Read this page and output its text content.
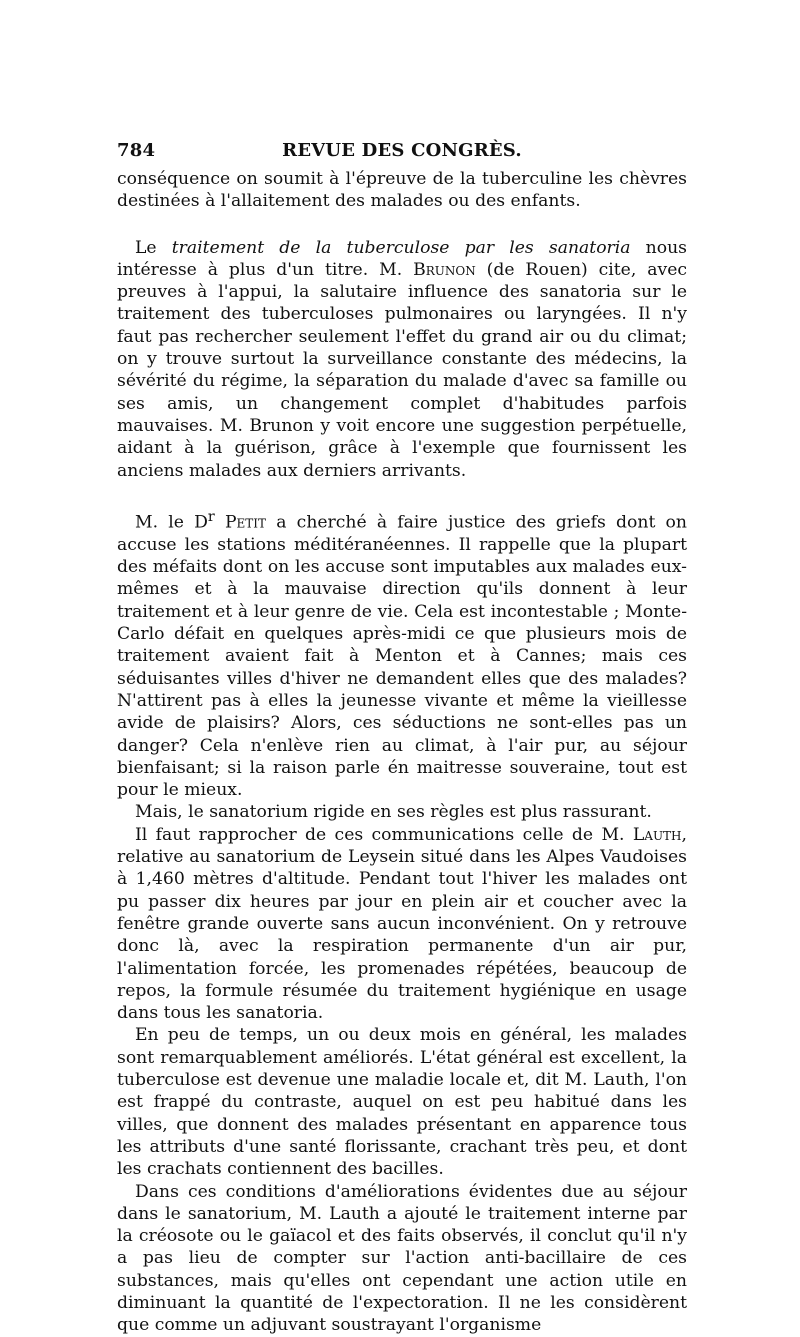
784	REVUE DES CONGRÈS.

conséquence on soumit à l'épreuve de la tuberculine les chèvres destinées à l'allaitement des malades ou des enfants.

Le traitement de la tuberculose par les sanatoria nous intéresse à plus d'un titre. M. Brunon (de Rouen) cite, avec preuves à l'appui, la salutaire influence des sanatoria sur le traitement des tuberculoses pulmonaires ou laryngées. Il n'y faut pas rechercher seulement l'effet du grand air ou du climat; on y trouve surtout la surveillance constante des médecins, la sévérité du régime, la séparation du malade d'avec sa famille ou ses amis, un changement complet d'habitudes parfois mauvaises. M. Brunon y voit encore une suggestion perpétuelle, aidant à la guérison, grâce à l'exemple que fournissent les anciens malades aux derniers arrivants.

M. le $D^r$ Petit a cherché à faire justice des griefs dont on accuse les stations méditéranéennes. Il rappelle que la plupart des méfaits dont on les accuse sont imputables aux malades eux-mêmes et à la mauvaise direction qu'ils donnent à leur traitement et à leur genre de vie. Cela est incontestable ; Monte-Carlo défait en quelques après-midi ce que plusieurs mois de traitement avaient fait à Menton et à Cannes; mais ces séduisantes villes d'hiver ne demandent elles que des malades? N'attirent pas à elles la jeunesse vivante et même la vieillesse avide de plaisirs? Alors, ces séductions ne sont-elles pas un danger? Cela n'enlève rien au climat, à l'air pur, au séjour bienfaisant; si la raison parle én maitresse souveraine, tout est pour le mieux.

Mais, le sanatorium rigide en ses règles est plus rassurant.

Il faut rapprocher de ces communications celle de M. Lauth, relative au sanatorium de Leysein situé dans les Alpes Vaudoises à 1,460 mètres d'altitude. Pendant tout l'hiver les malades ont pu passer dix heures par jour en plein air et coucher avec la fenêtre grande ouverte sans aucun inconvénient. On y retrouve donc là, avec la respiration permanente d'un air pur, l'alimentation forcée, les promenades répétées, beaucoup de repos, la formule résumée du traitement hygiénique en usage dans tous les sanatoria.

En peu de temps, un ou deux mois en général, les malades sont remarquablement améliorés. L'état général est excellent, la tuberculose est devenue une maladie locale et, dit M. Lauth, l'on est frappé du contraste, auquel on est peu habitué dans les villes, que donnent des malades présentant en apparence tous les attributs d'une santé florissante, crachant très peu, et dont les crachats contiennent des bacilles.

Dans ces conditions d'améliorations évidentes due au séjour dans le sanatorium, M. Lauth a ajouté le traitement interne par la créosote ou le gaïacol et des faits observés, il conclut qu'il n'y a pas lieu de compter sur l'action anti-bacillaire de ces substances, mais qu'elles ont cependant une action utile en diminuant la quantité de l'expectoration. Il ne les considèrent que comme un adjuvant soustrayant l'organisme
